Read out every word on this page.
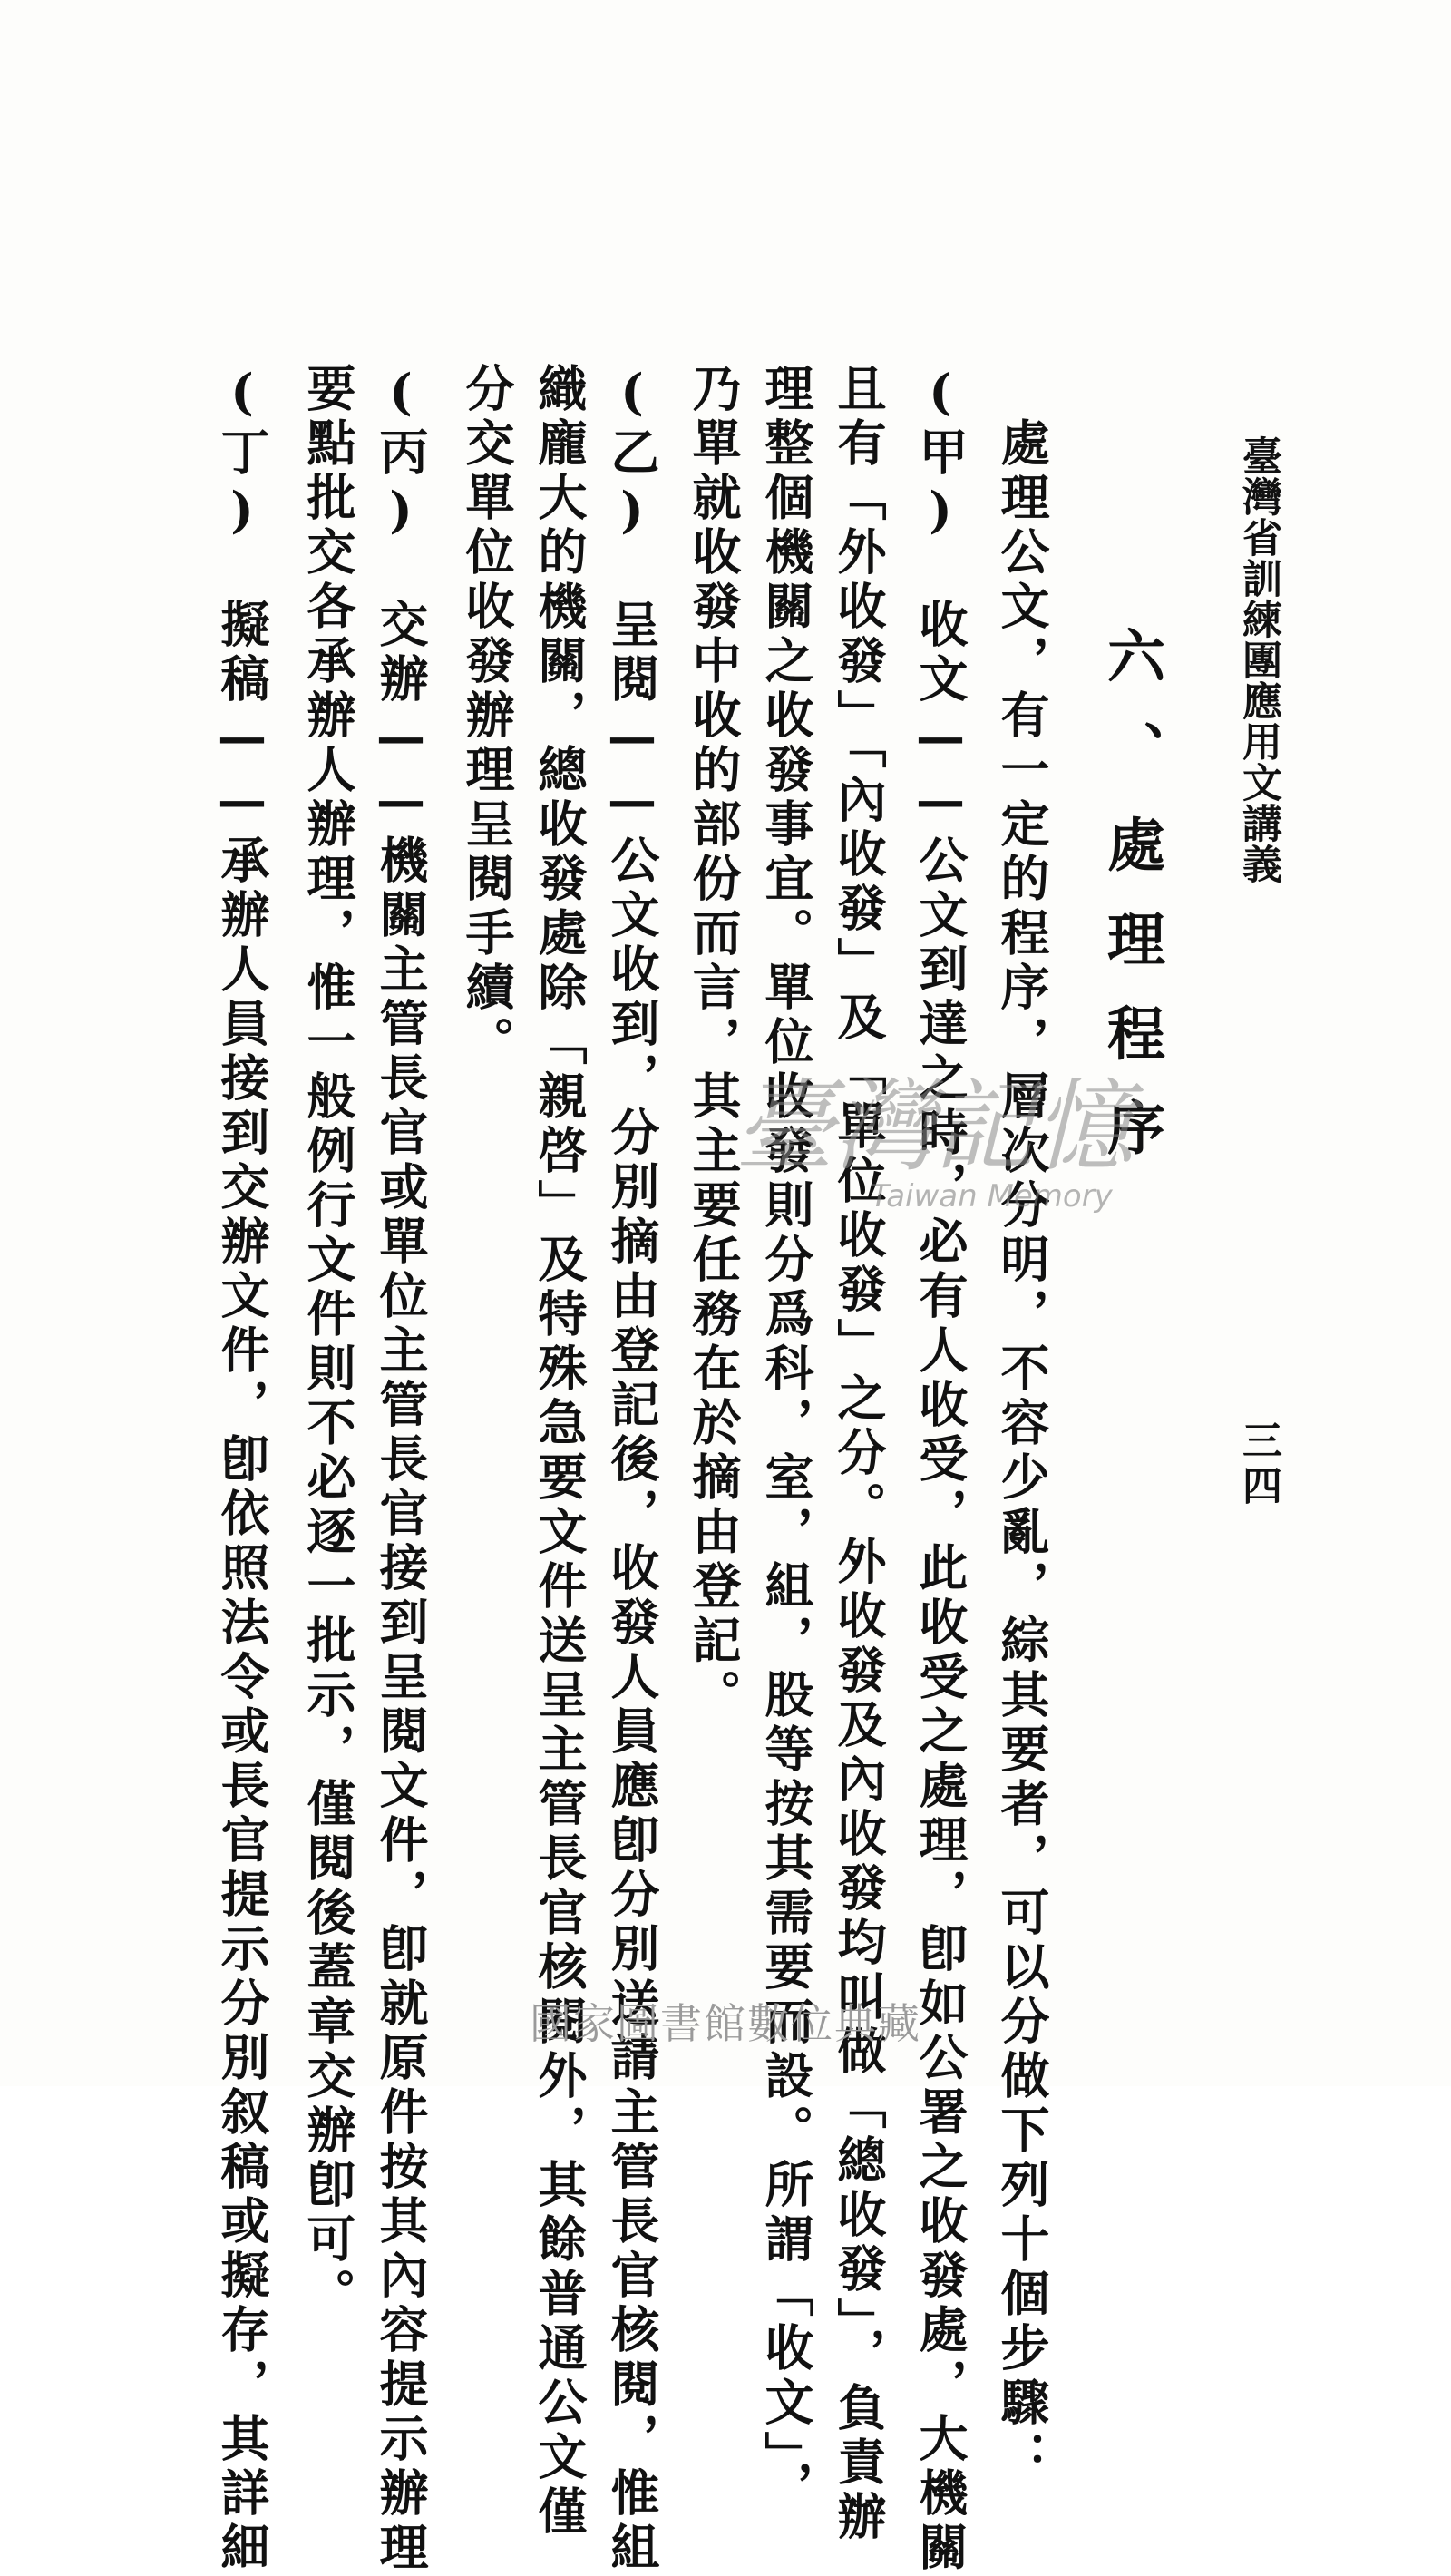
臺灣省訓練團應用文講義
三四
六、處理程序
　處理公文，有一定的程序，層次分明，不容少亂，綜其要者，可以分做下列十個步驟：
(甲)　收文——公文到達之時，必有人收受，此收受之處理，卽如公署之收發處，大機關
且有「外收發」「內收發」及「單位收發」之分。外收發及內收發均叫做「總收發」，負責辦
理整個機關之收發事宜。單位收發則分爲科，室，組，股等按其需要而設。所謂「收文」，
乃單就收發中收的部份而言，其主要任務在於摘由登記。
(乙)　呈閱——公文收到，分別摘由登記後，收發人員應卽分別送請主管長官核閱，惟組
織龐大的機關，總收發處除「親啓」及特殊急要文件送呈主管長官核閱外，其餘普通公文僅
分交單位收發辦理呈閱手續。
(丙)　交辦——機關主管長官或單位主管長官接到呈閱文件，卽就原件按其內容提示辦理
要點批交各承辦人辦理，惟一般例行文件則不必逐一批示，僅閱後蓋章交辦卽可。
(丁)　擬稿——承辦人員接到交辦文件，卽依照法令或長官提示分別叙稿或擬存，其詳細	臺灣記憶
Taiwan Memory
國家圖書館數位典藏
